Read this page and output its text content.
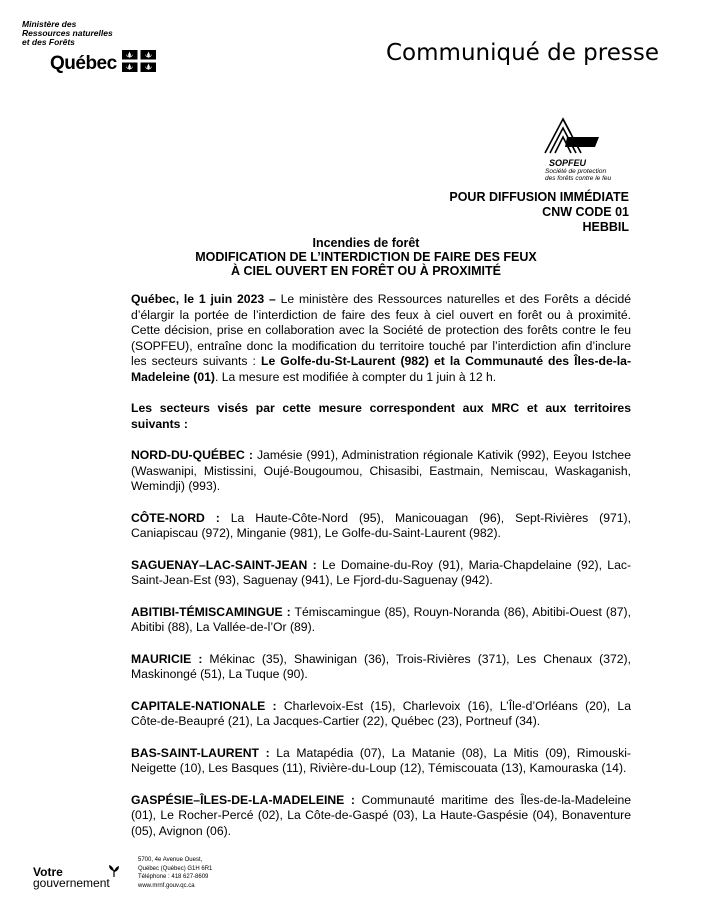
Ministère des
Ressources naturelles
et des Forêts
Québec	Communiqué de presse
SOPFEU
Société de protection
des forêts contre le feu
POUR DIFFUSION IMMÉDIATE
CNW CODE 01
HEBBIL
Incendies de forêt
MODIFICATION DE L’INTERDICTION DE FAIRE DES FEUX
À CIEL OUVERT EN FORÊT OU À PROXIMITÉ

Québec, le 1 juin 2023 – Le ministère des Ressources naturelles et des Forêts a décidé d’élargir la portée de l’interdiction de faire des feux à ciel ouvert en forêt ou à proximité. Cette décision, prise en collaboration avec la Société de protection des forêts contre le feu (SOPFEU), entraîne donc la modification du territoire touché par l’interdiction afin d’inclure les secteurs suivants : Le Golfe-du-St-Laurent (982) et la Communauté des Îles-de-la-Madeleine (01). La mesure est modifiée à compter du 1 juin à 12 h.

Les secteurs visés par cette mesure correspondent aux MRC et aux territoires suivants :

NORD-DU-QUÉBEC : Jamésie (991), Administration régionale Kativik (992), Eeyou Istchee (Waswanipi, Mistissini, Oujé-Bougoumou, Chisasibi, Eastmain, Nemiscau, Waskaganish, Wemindji) (993).

CÔTE-NORD : La Haute-Côte-Nord (95), Manicouagan (96), Sept-Rivières (971), Caniapiscau (972), Minganie (981), Le Golfe-du-Saint-Laurent (982).

SAGUENAY–LAC-SAINT-JEAN : Le Domaine-du-Roy (91), Maria-Chapdelaine (92), Lac-Saint-Jean-Est (93), Saguenay (941), Le Fjord-du-Saguenay (942).

ABITIBI-TÉMISCAMINGUE : Témiscamingue (85), Rouyn-Noranda (86), Abitibi-Ouest (87), Abitibi (88), La Vallée-de-l’Or (89).

MAURICIE : Mékinac (35), Shawinigan (36), Trois-Rivières (371), Les Chenaux (372), Maskinongé (51), La Tuque (90).

CAPITALE-NATIONALE : Charlevoix-Est (15), Charlevoix (16), L’Île-d’Orléans (20), La Côte-de-Beaupré (21), La Jacques-Cartier (22), Québec (23), Portneuf (34).

BAS-SAINT-LAURENT : La Matapédia (07), La Matanie (08), La Mitis (09), Rimouski-Neigette (10), Les Basques (11), Rivière-du-Loup (12), Témiscouata (13), Kamouraska (14).

GASPÉSIE–ÎLES-DE-LA-MADELEINE : Communauté maritime des Îles-de-la-Madeleine (01), Le Rocher-Percé (02), La Côte-de-Gaspé (03), La Haute-Gaspésie (04), Bonaventure (05), Avignon (06).

Votre
gouvernement
5700, 4e Avenue Ouest,
Québec (Québec) G1H 6R1
Téléphone : 418 627-8609
www.mrnf.gouv.qc.ca
